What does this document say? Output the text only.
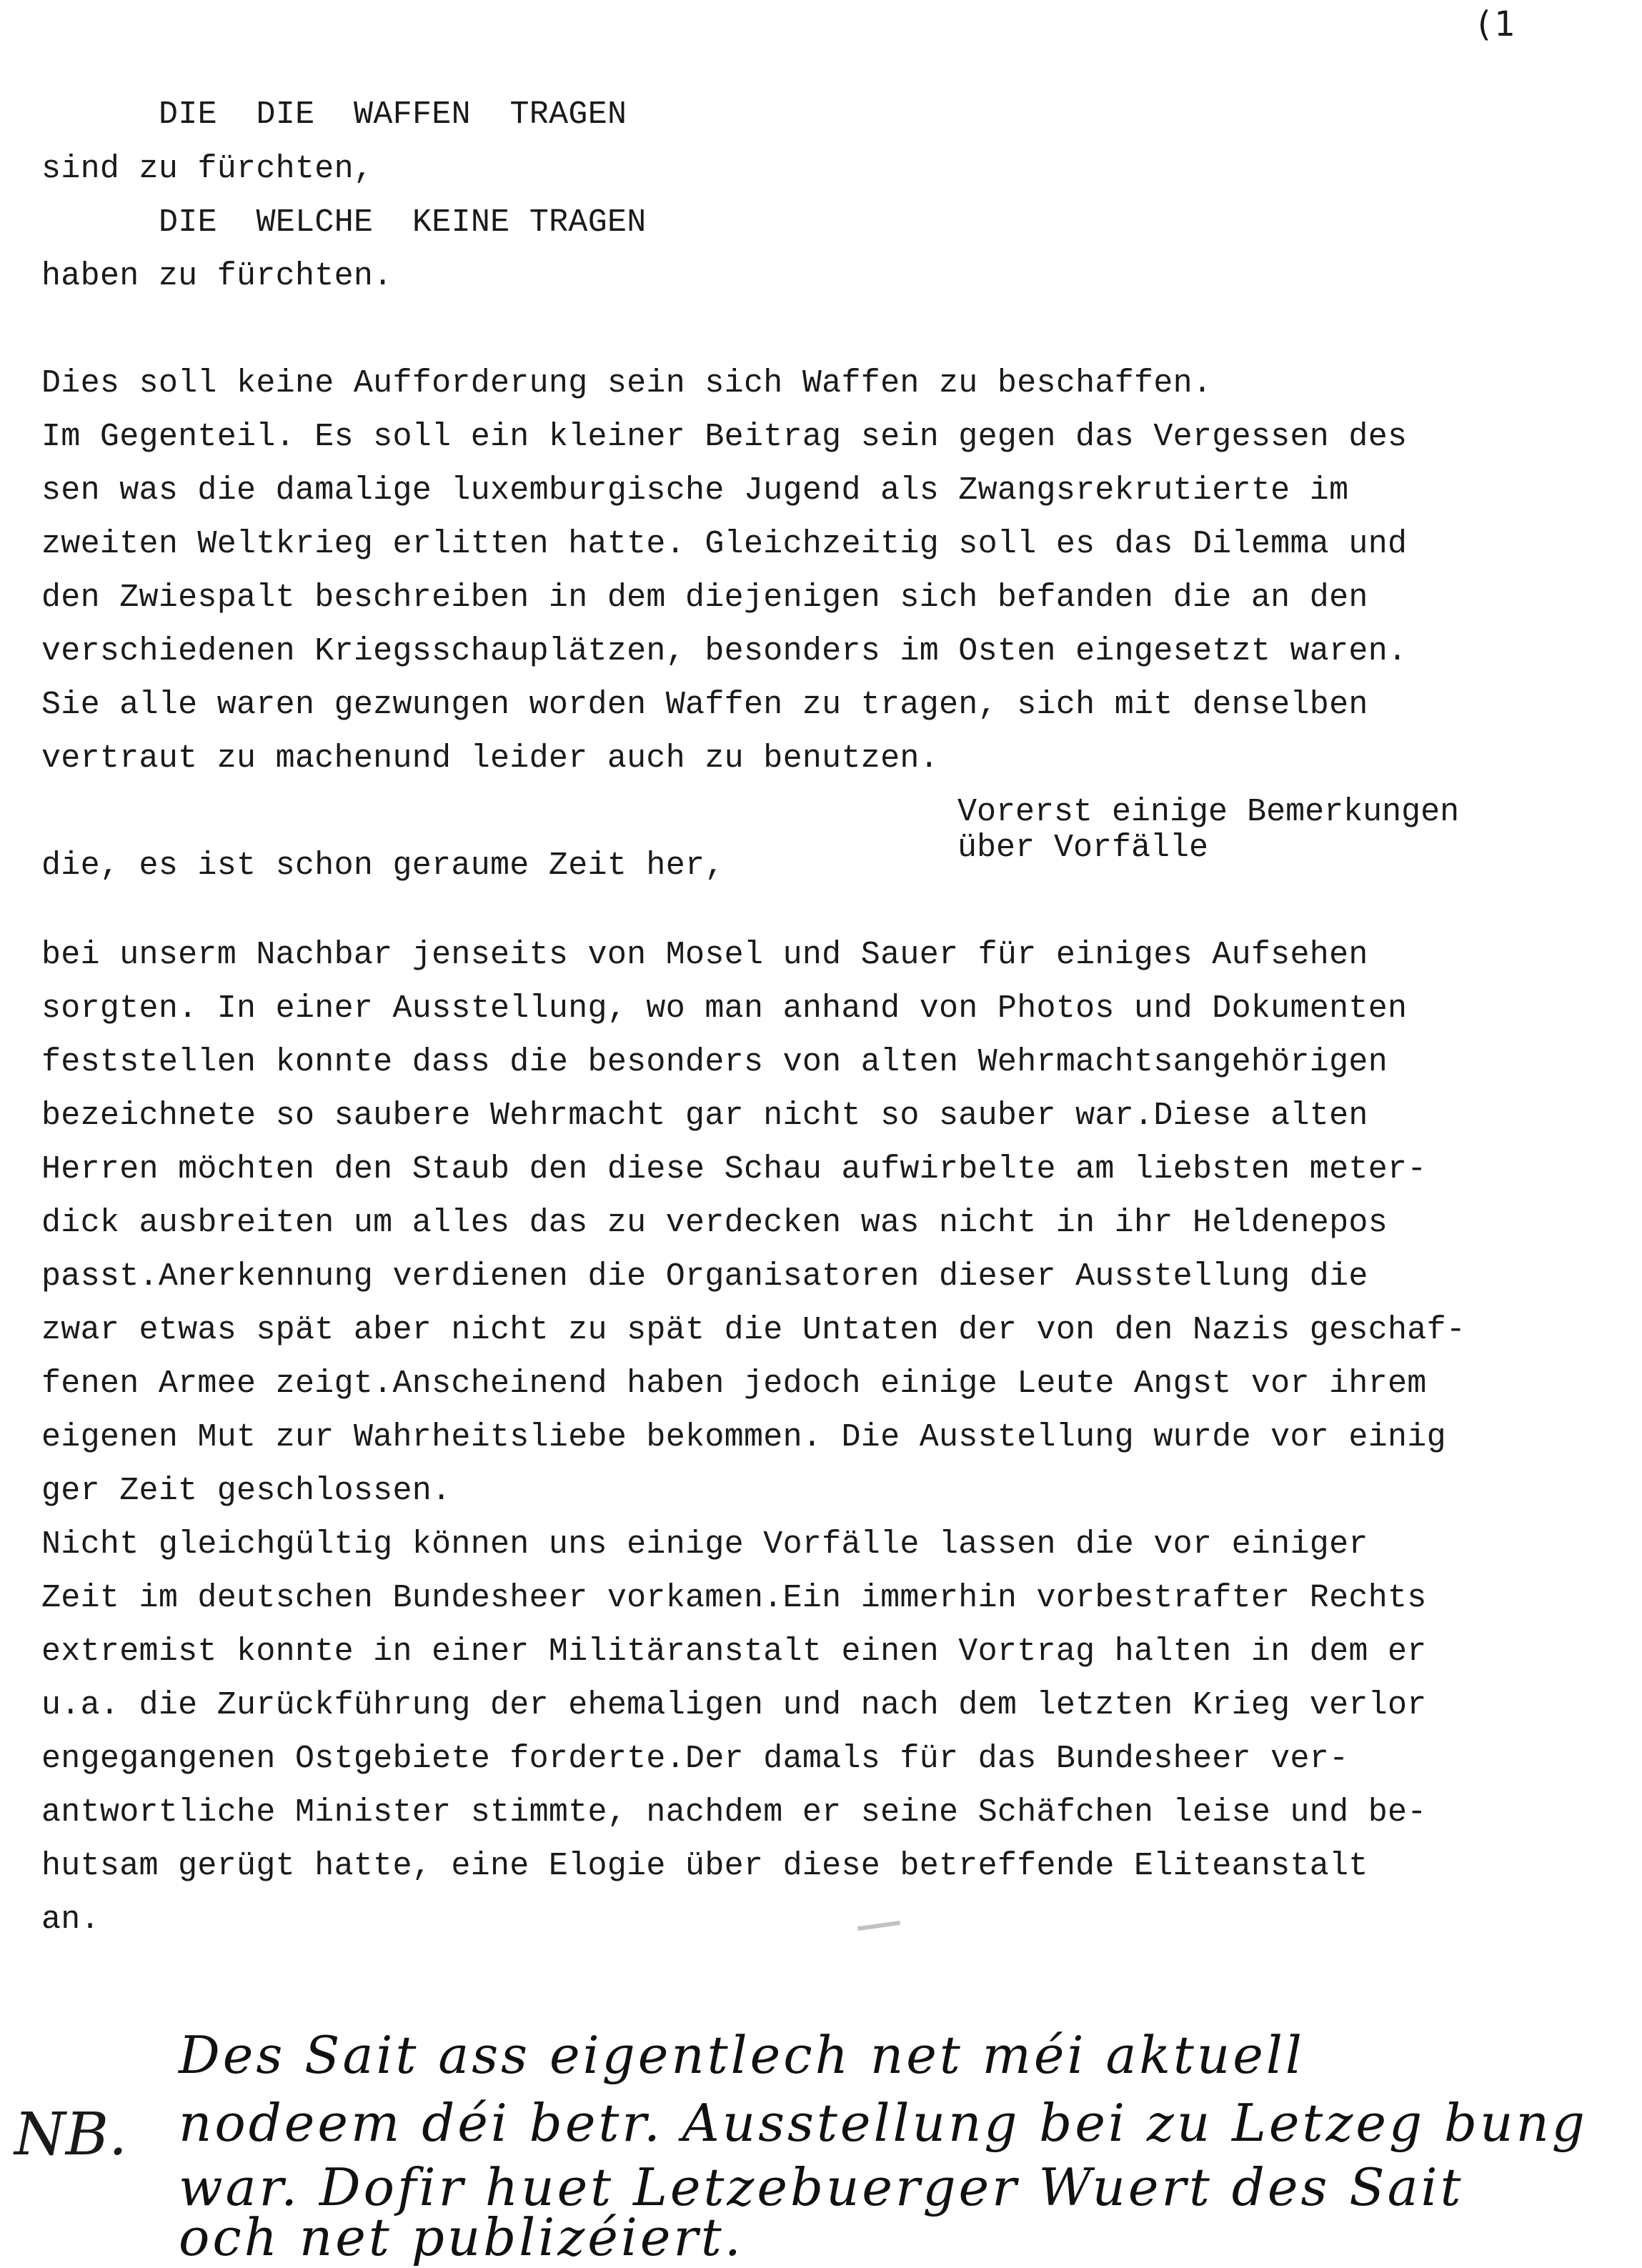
(1
DIE  DIE  WAFFEN  TRAGEN
sind zu fürchten,
DIE  WELCHE  KEINE TRAGEN
haben zu fürchten.
Dies soll keine Aufforderung sein sich Waffen zu beschaffen.
Im Gegenteil. Es soll ein kleiner Beitrag sein gegen das Vergessen des
sen was die damalige luxemburgische Jugend als Zwangsrekrutierte im
zweiten Weltkrieg erlitten hatte. Gleichzeitig soll es das Dilemma und
den Zwiespalt beschreiben in dem diejenigen sich befanden die an den
verschiedenen Kriegsschauplätzen, besonders im Osten eingesetzt waren.
Sie alle waren gezwungen worden Waffen zu tragen, sich mit denselben
vertraut zu machenund leider auch zu benutzen.
Vorerst einige Bemerkungen
über Vorfälle
die, es ist schon geraume Zeit her,
bei unserm Nachbar jenseits von Mosel und Sauer für einiges Aufsehen
sorgten. In einer Ausstellung, wo man anhand von Photos und Dokumenten
feststellen konnte dass die besonders von alten Wehrmachtsangehörigen
bezeichnete so saubere Wehrmacht gar nicht so sauber war.Diese alten
Herren möchten den Staub den diese Schau aufwirbelte am liebsten meter-
dick ausbreiten um alles das zu verdecken was nicht in ihr Heldenepos
passt.Anerkennung verdienen die Organisatoren dieser Ausstellung die
zwar etwas spät aber nicht zu spät die Untaten der von den Nazis geschaf-
fenen Armee zeigt.Anscheinend haben jedoch einige Leute Angst vor ihrem
eigenen Mut zur Wahrheitsliebe bekommen. Die Ausstellung wurde vor einig
ger Zeit geschlossen.
Nicht gleichgültig können uns einige Vorfälle lassen die vor einiger
Zeit im deutschen Bundesheer vorkamen.Ein immerhin vorbestrafter Rechts
extremist konnte in einer Militäranstalt einen Vortrag halten in dem er
u.a. die Zurückführung der ehemaligen und nach dem letzten Krieg verlor
engegangenen Ostgebiete forderte.Der damals für das Bundesheer ver-
antwortliche Minister stimmte, nachdem er seine Schäfchen leise und be-
hutsam gerügt hatte, eine Elogie über diese betreffende Eliteanstalt
an.
NB.
Des Sait ass eigentlech net méi aktuell
nodeem déi betr. Ausstellung bei zu Letzeg bung
war. Dofir huet Letzebuerger Wuert des Sait
och net publizéiert.
